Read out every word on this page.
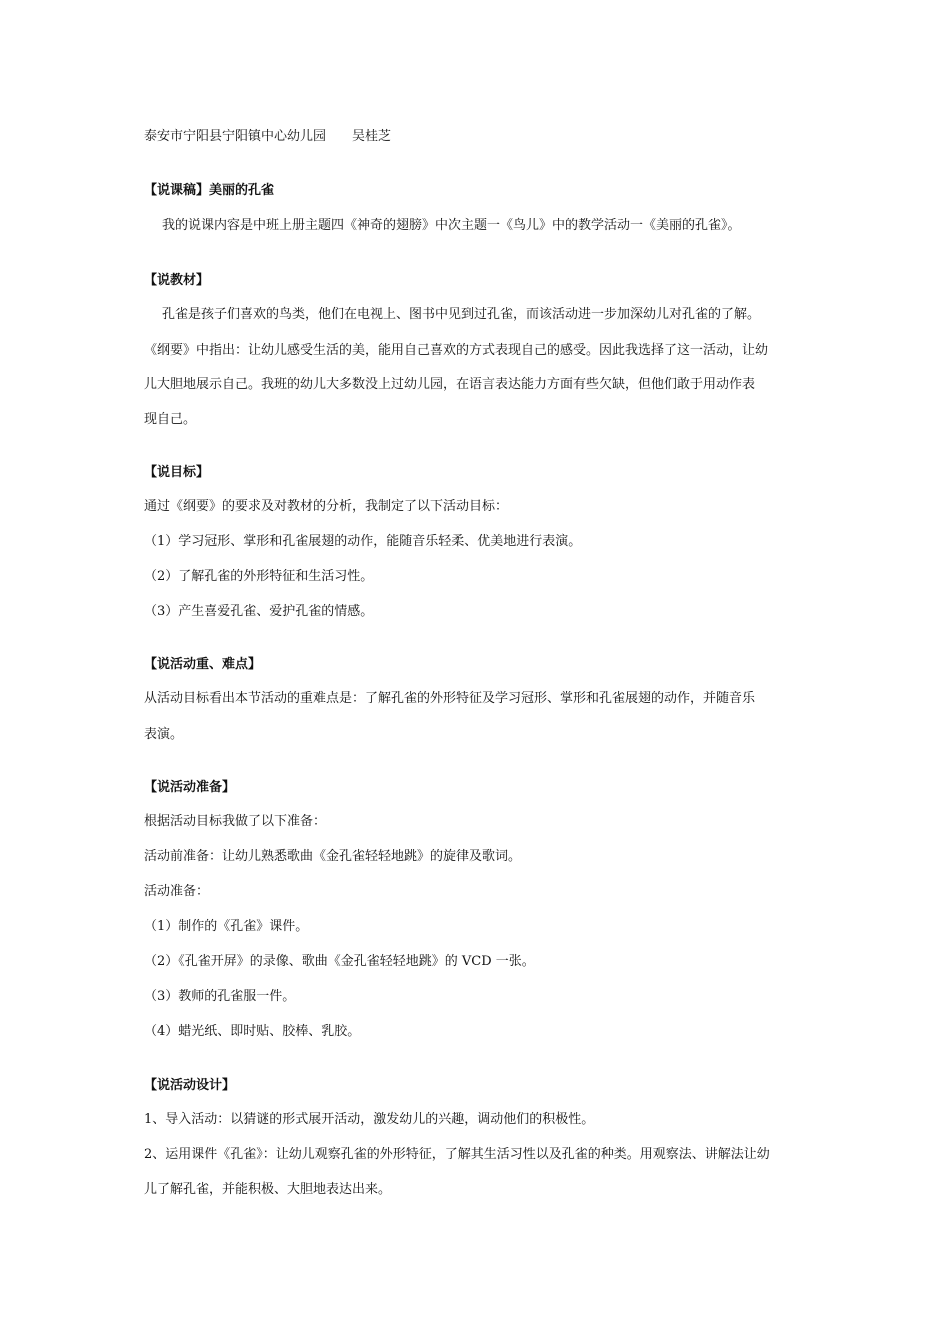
泰安市宁阳县宁阳镇中心幼儿园　　吴桂芝
【说课稿】美丽的孔雀
我的说课内容是中班上册主题四《神奇的翅膀》中次主题一《鸟儿》中的教学活动一《美丽的孔雀》。
【说教材】
孔雀是孩子们喜欢的鸟类，他们在电视上、图书中见到过孔雀，而该活动进一步加深幼儿对孔雀的了解。
《纲要》中指出：让幼儿感受生活的美，能用自己喜欢的方式表现自己的感受。因此我选择了这一活动，让幼
儿大胆地展示自己。我班的幼儿大多数没上过幼儿园，在语言表达能力方面有些欠缺，但他们敢于用动作表
现自己。
【说目标】
通过《纲要》的要求及对教材的分析，我制定了以下活动目标：
（1）学习冠形、掌形和孔雀展翅的动作，能随音乐轻柔、优美地进行表演。
（2）了解孔雀的外形特征和生活习性。
（3）产生喜爱孔雀、爱护孔雀的情感。
【说活动重、难点】
从活动目标看出本节活动的重难点是：了解孔雀的外形特征及学习冠形、掌形和孔雀展翅的动作，并随音乐
表演。
【说活动准备】
根据活动目标我做了以下准备：
活动前准备：让幼儿熟悉歌曲《金孔雀轻轻地跳》的旋律及歌词。
活动准备：
（1）制作的《孔雀》课件。
（2）《孔雀开屏》的录像、歌曲《金孔雀轻轻地跳》的 VCD 一张。
（3）教师的孔雀服一件。
（4）蜡光纸、即时贴、胶棒、乳胶。
【说活动设计】
1、导入活动：以猜谜的形式展开活动，激发幼儿的兴趣，调动他们的积极性。
2、运用课件《孔雀》：让幼儿观察孔雀的外形特征，了解其生活习性以及孔雀的种类。用观察法、讲解法让幼
儿了解孔雀，并能积极、大胆地表达出来。
